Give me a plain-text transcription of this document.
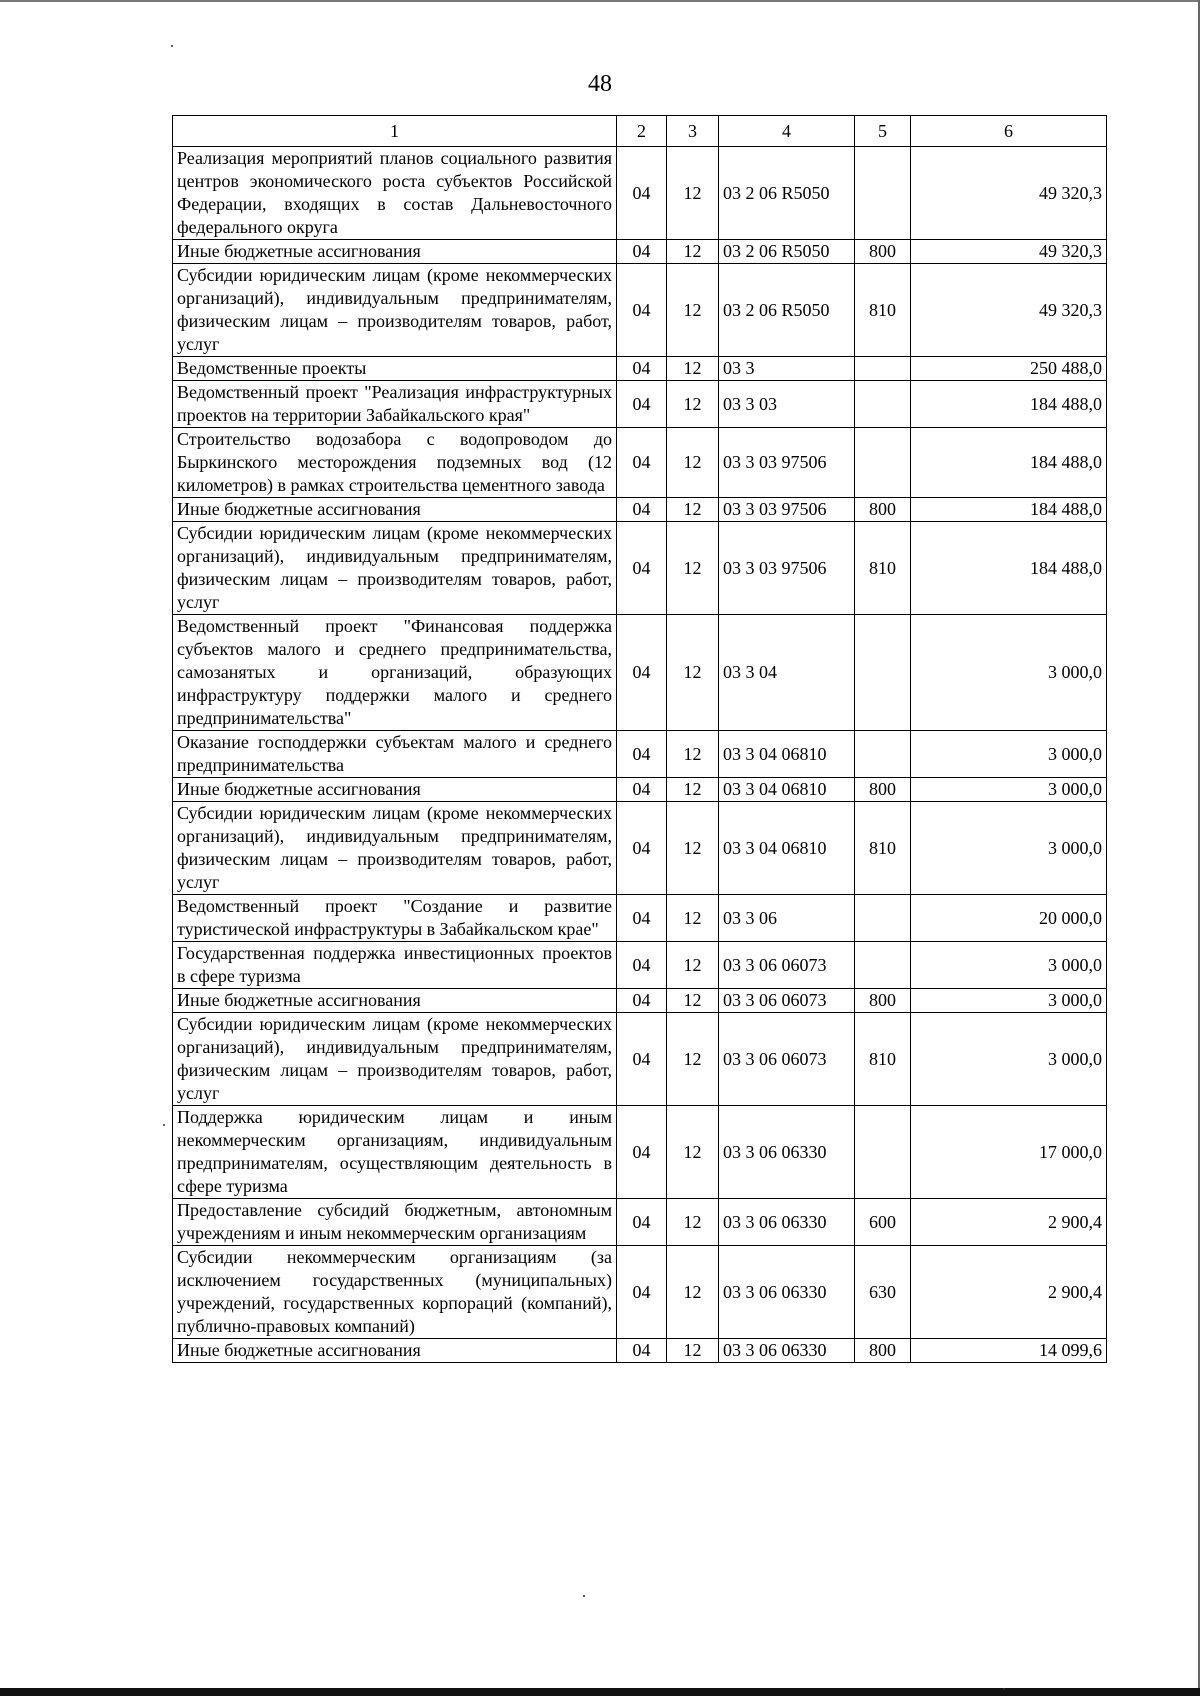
48
1	2	3	4	5	6
Реализация мероприятий планов социального развития центров экономического роста субъектов Российской Федерации, входящих в состав Дальневосточного федерального округа	04	12	03 2 06 R5050		49 320,3
Иные бюджетные ассигнования	04	12	03 2 06 R5050	800	49 320,3
Субсидии юридическим лицам (кроме некоммерческих организаций), индивидуальным предпринимателям, физическим лицам – производителям товаров, работ, услуг	04	12	03 2 06 R5050	810	49 320,3
Ведомственные проекты	04	12	03 3		250 488,0
Ведомственный проект "Реализация инфраструктурных проектов на территории Забайкальского края"	04	12	03 3 03		184 488,0
Строительство водозабора с водопроводом до Быркинского месторождения подземных вод (12 километров) в рамках строительства цементного завода	04	12	03 3 03 97506		184 488,0
Иные бюджетные ассигнования	04	12	03 3 03 97506	800	184 488,0
Субсидии юридическим лицам (кроме некоммерческих организаций), индивидуальным предпринимателям, физическим лицам – производителям товаров, работ, услуг	04	12	03 3 03 97506	810	184 488,0
Ведомственный проект "Финансовая поддержка субъектов малого и среднего предпринимательства, самозанятых и организаций, образующих инфраструктуру поддержки малого и среднего предпринимательства"	04	12	03 3 04		3 000,0
Оказание господдержки субъектам малого и среднего предпринимательства	04	12	03 3 04 06810		3 000,0
Иные бюджетные ассигнования	04	12	03 3 04 06810	800	3 000,0
Субсидии юридическим лицам (кроме некоммерческих организаций), индивидуальным предпринимателям, физическим лицам – производителям товаров, работ, услуг	04	12	03 3 04 06810	810	3 000,0
Ведомственный проект "Создание и развитие туристической инфраструктуры в Забайкальском крае"	04	12	03 3 06		20 000,0
Государственная поддержка инвестиционных проектов в сфере туризма	04	12	03 3 06 06073		3 000,0
Иные бюджетные ассигнования	04	12	03 3 06 06073	800	3 000,0
Субсидии юридическим лицам (кроме некоммерческих организаций), индивидуальным предпринимателям, физическим лицам – производителям товаров, работ, услуг	04	12	03 3 06 06073	810	3 000,0
Поддержка юридическим лицам и иным некоммерческим организациям, индивидуальным предпринимателям, осуществляющим деятельность в сфере туризма	04	12	03 3 06 06330		17 000,0
Предоставление субсидий бюджетным, автономным учреждениям и иным некоммерческим организациям	04	12	03 3 06 06330	600	2 900,4
Субсидии некоммерческим организациям (за исключением государственных (муниципальных) учреждений, государственных корпораций (компаний), публично-правовых компаний)	04	12	03 3 06 06330	630	2 900,4
Иные бюджетные ассигнования	04	12	03 3 06 06330	800	14 099,6
